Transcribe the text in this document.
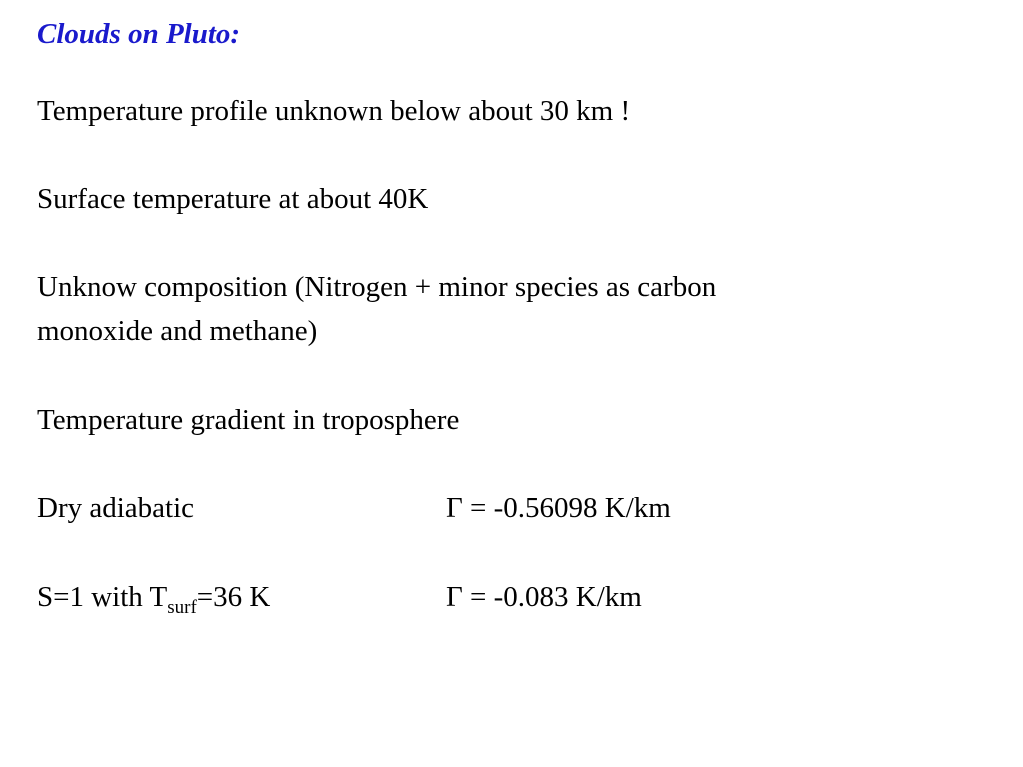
Clouds on Pluto:
Temperature profile unknown below about 30 km !
Surface temperature at about 40K
Unknow composition (Nitrogen + minor species as carbon
monoxide and methane)
Temperature gradient in troposphere
Dry adiabatic	Γ = -0.56098 K/km
S=1 with $T_{surf}=36$ K	Γ = -0.083 K/km
